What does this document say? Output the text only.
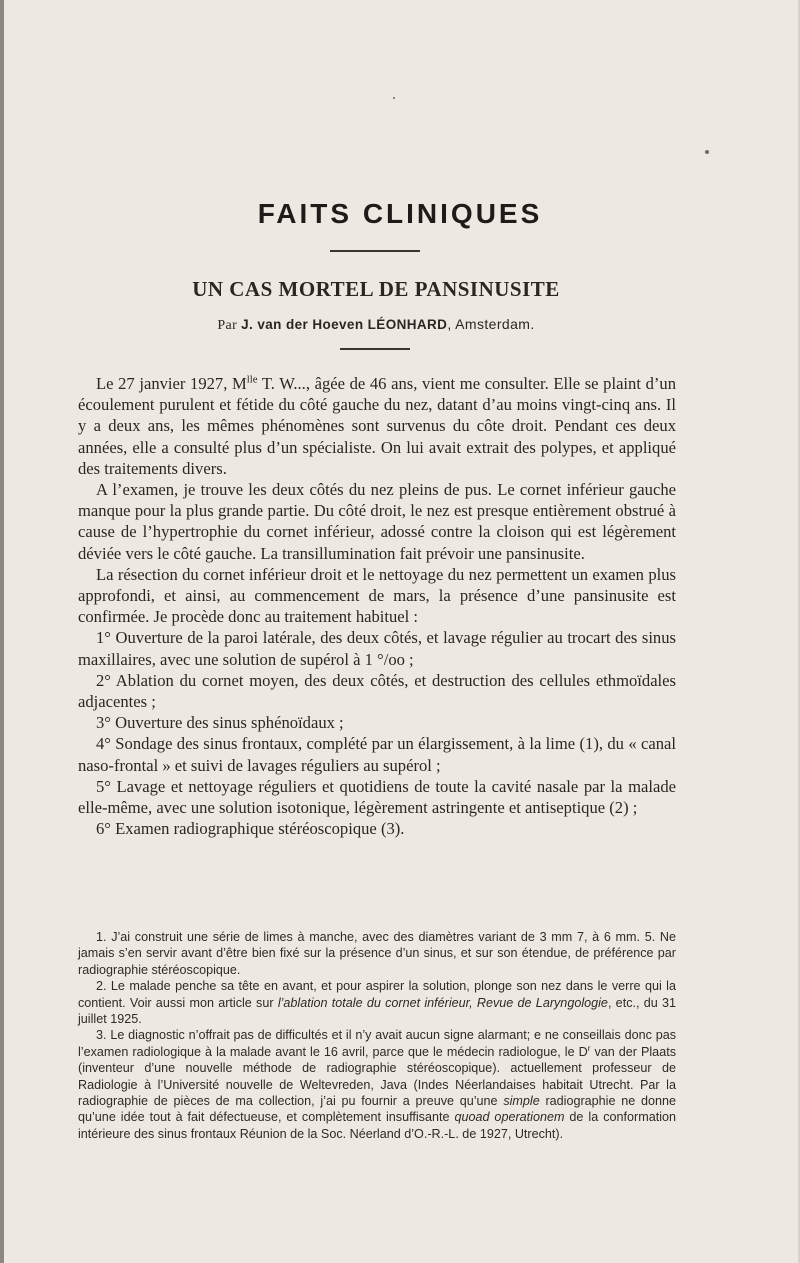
FAITS CLINIQUES
UN CAS MORTEL DE PANSINUSITE
Par J. van der Hoeven LÉONHARD, Amsterdam.

Le 27 janvier 1927, $M^{lle}$ T. W..., âgée de 46 ans, vient me consulter. Elle se plaint d’un écoulement purulent et fétide du côté gauche du nez, datant d’au moins vingt-cinq ans. Il y a deux ans, les mêmes phénomènes sont survenus du côte droit. Pendant ces deux années, elle a consulté plus d’un spécialiste. On lui avait extrait des polypes, et appliqué des traitements divers.

A l’examen, je trouve les deux côtés du nez pleins de pus. Le cornet inférieur gauche manque pour la plus grande partie. Du côté droit, le nez est presque entièrement obstrué à cause de l’hypertrophie du cornet inférieur, adossé contre la cloison qui est légèrement déviée vers le côté gauche. La transillumination fait prévoir une pansinusite.

La résection du cornet inférieur droit et le nettoyage du nez permettent un examen plus approfondi, et ainsi, au commencement de mars, la présence d’une pansinusite est confirmée. Je procède donc au traitement habituel :

1° Ouverture de la paroi latérale, des deux côtés, et lavage régulier au trocart des sinus maxillaires, avec une solution de supérol à 1 °/oo ;

2° Ablation du cornet moyen, des deux côtés, et destruction des cellules ethmoïdales adjacentes ;

3° Ouverture des sinus sphénoïdaux ;

4° Sondage des sinus frontaux, complété par un élargissement, à la lime (1), du « canal naso-frontal » et suivi de lavages réguliers au supérol ;

5° Lavage et nettoyage réguliers et quotidiens de toute la cavité nasale par la malade elle-même, avec une solution isotonique, légèrement astringente et antiseptique (2) ;

6° Examen radiographique stéréoscopique (3).

1. J’ai construit une série de limes à manche, avec des diamètres variant de 3 mm 7, à 6 mm. 5. Ne jamais s’en servir avant d’être bien fixé sur la présence d’un sinus, et sur son étendue, de préférence par radiographie stéréoscopique.

2. Le malade penche sa tête en avant, et pour aspirer la solution, plonge son nez dans le verre qui la contient. Voir aussi mon article sur l’ablation totale du cornet inférieur, Revue de Laryngologie, etc., du 31 juillet 1925.

3. Le diagnostic n’offrait pas de difficultés et il n’y avait aucun signe alarmant; e ne conseillais donc pas l’examen radiologique à la malade avant le 16 avril, parce que le médecin radiologue, le $D^r$ van der Plaats (inventeur d’une nouvelle méthode de radiographie stéréoscopique). actuellement professeur de Radiologie à l’Université nouvelle de Weltevreden, Java (Indes Néerlandaises habitait Utrecht. Par la radiographie de pièces de ma collection, j’ai pu fournir a preuve qu’une simple radiographie ne donne qu’une idée tout à fait défectueuse, et complètement insuffisante quoad operationem de la conformation intérieure des sinus frontaux Réunion de la Soc. Néerland d’O.-R.-L. de 1927, Utrecht).
